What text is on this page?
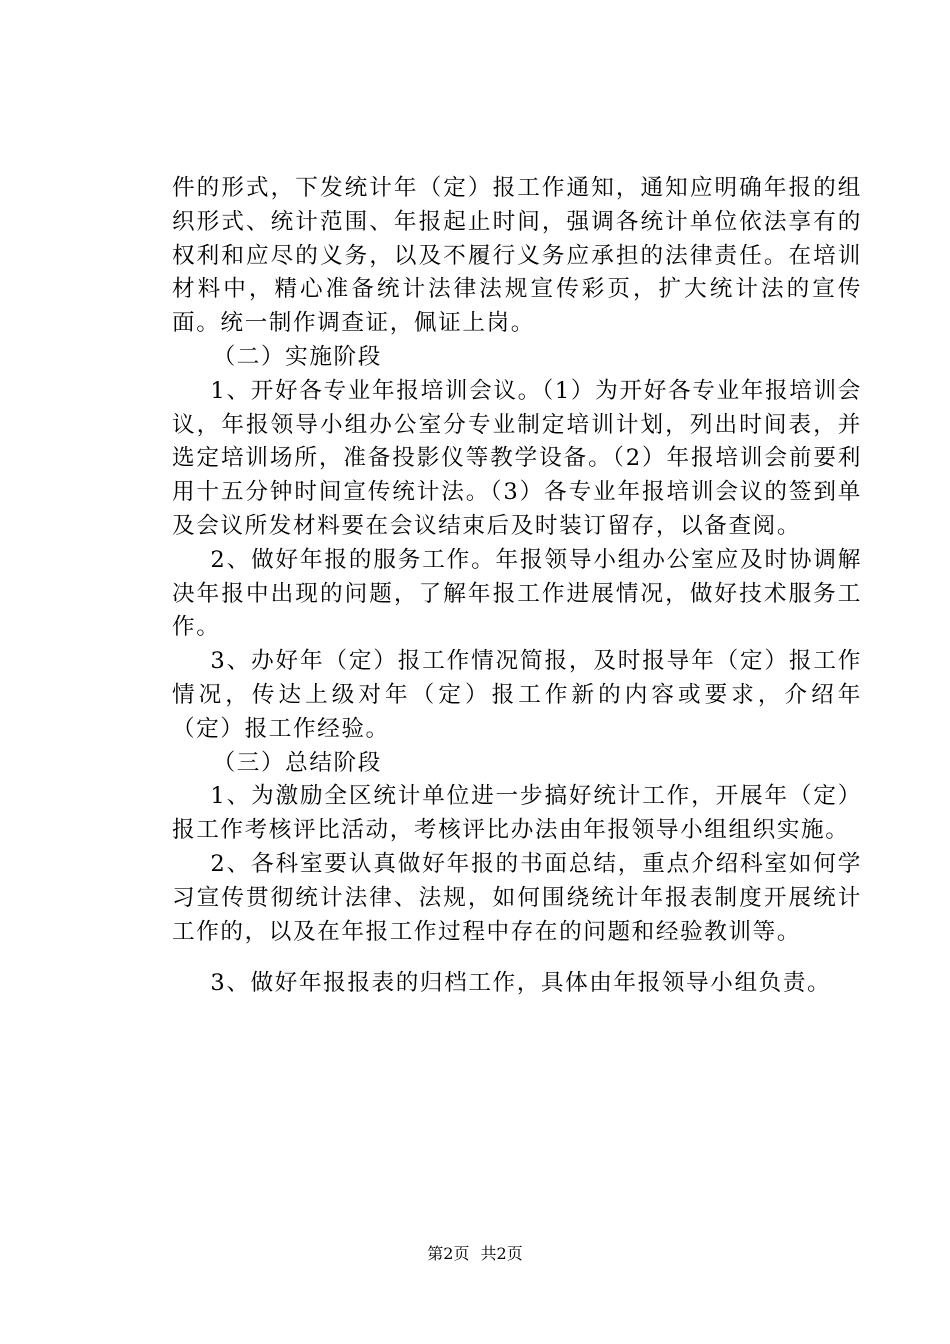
件的形式，下发统计年（定）报工作通知，通知应明确年报的组织形式、统计范围、年报起止时间，强调各统计单位依法享有的权利和应尽的义务，以及不履行义务应承担的法律责任。在培训材料中，精心准备统计法律法规宣传彩页，扩大统计法的宣传面。统一制作调查证，佩证上岗。

（二）实施阶段

1、开好各专业年报培训会议。（1）为开好各专业年报培训会议，年报领导小组办公室分专业制定培训计划，列出时间表，并选定培训场所，准备投影仪等教学设备。（2）年报培训会前要利用十五分钟时间宣传统计法。（3）各专业年报培训会议的签到单及会议所发材料要在会议结束后及时装订留存，以备查阅。

2、做好年报的服务工作。年报领导小组办公室应及时协调解决年报中出现的问题，了解年报工作进展情况，做好技术服务工作。

3、办好年（定）报工作情况简报，及时报导年（定）报工作情况，传达上级对年（定）报工作新的内容或要求，介绍年（定）报工作经验。

（三）总结阶段

1、为激励全区统计单位进一步搞好统计工作，开展年（定）报工作考核评比活动，考核评比办法由年报领导小组组织实施。

2、各科室要认真做好年报的书面总结，重点介绍科室如何学习宣传贯彻统计法律、法规，如何围绕统计年报表制度开展统计工作的，以及在年报工作过程中存在的问题和经验教训等。

3、做好年报报表的归档工作，具体由年报领导小组负责。

第2页 共2页
